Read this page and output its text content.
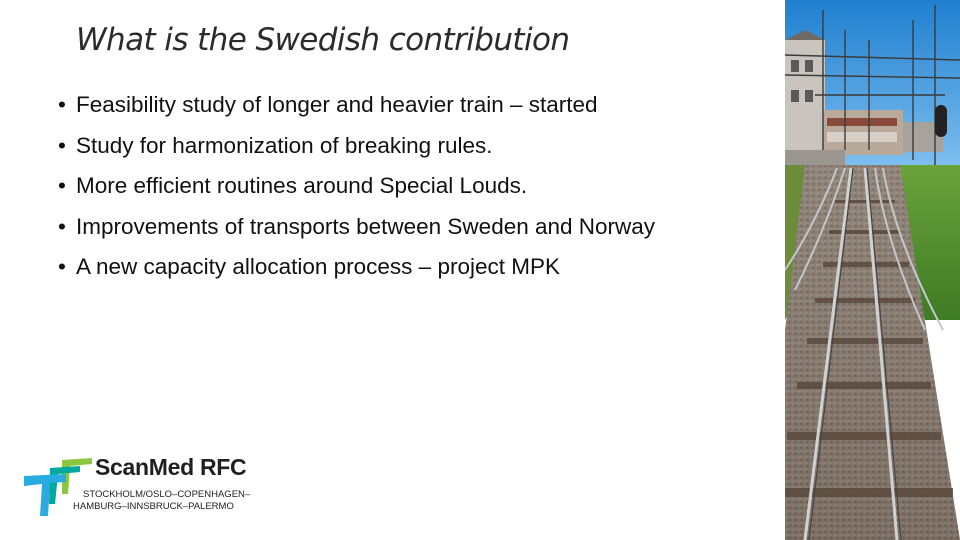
What is the Swedish contribution
• Feasibility study of longer and heavier train – started
• Study for harmonization of breaking rules.
• More efficient routines around Special Louds.
• Improvements of transports between Sweden and Norway
• A new capacity allocation process – project MPK
ScanMed RFC
STOCKHOLM/OSLO–COPENHAGEN–
HAMBURG–INNSBRUCK–PALERMO
